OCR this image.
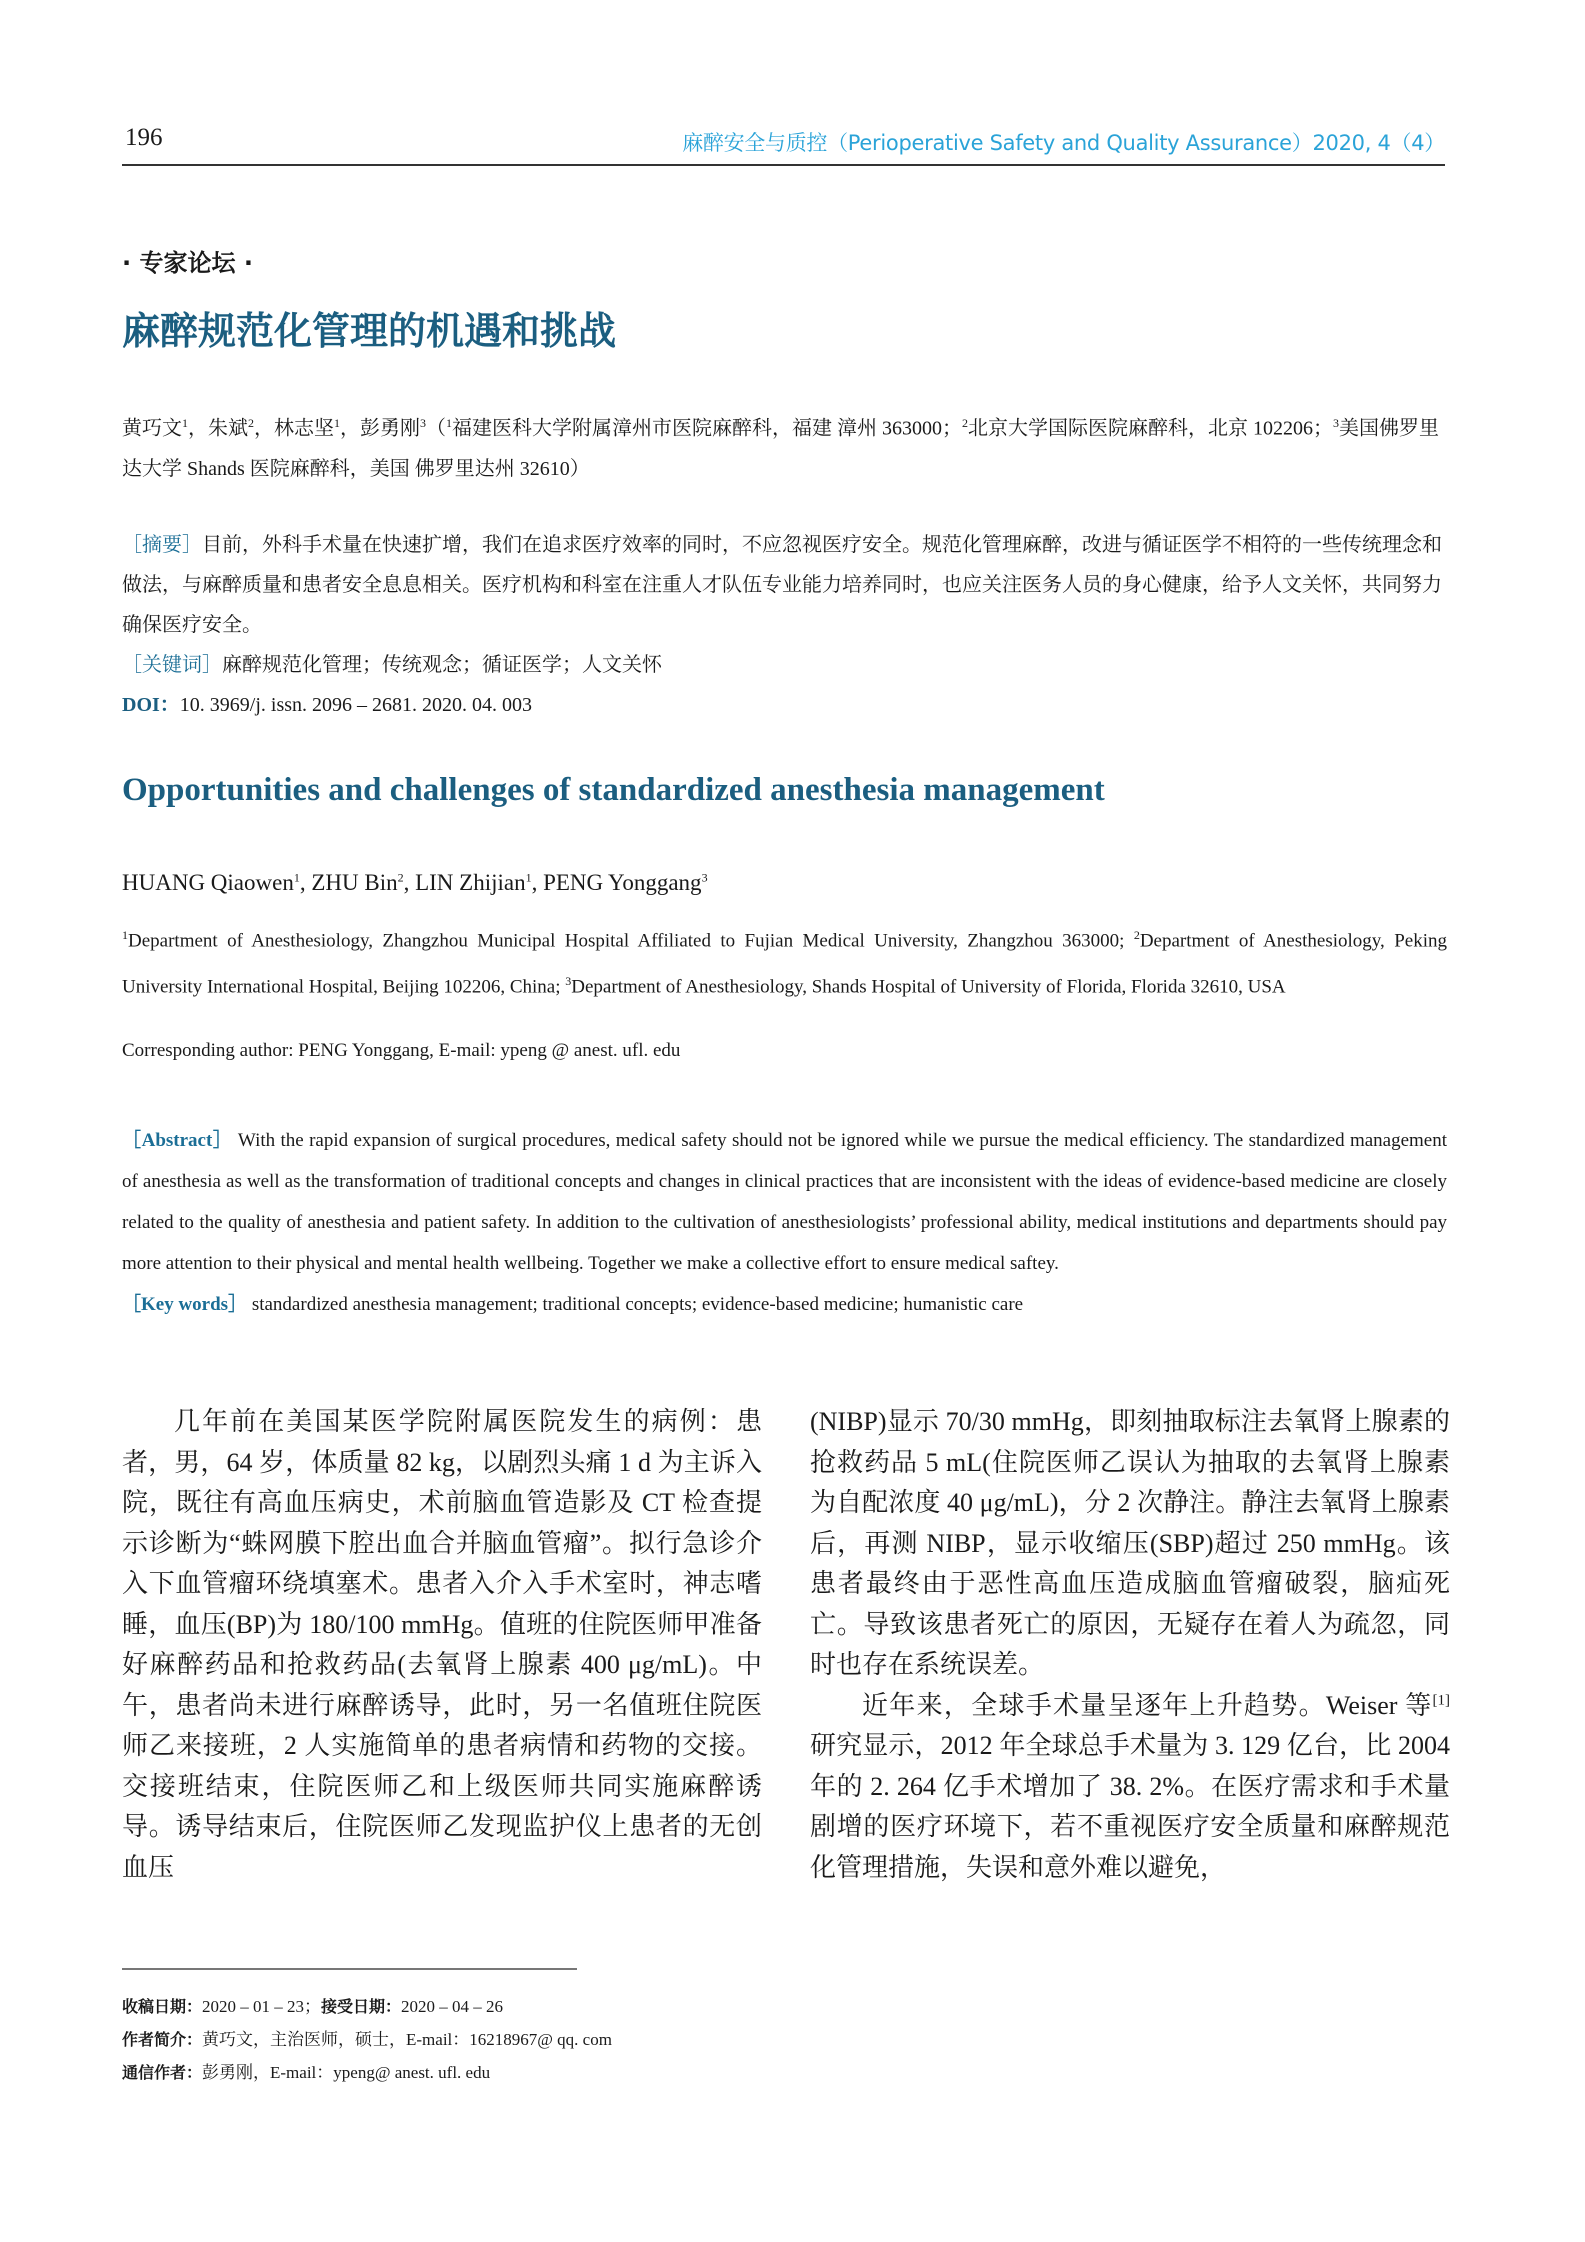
196	麻醉安全与质控（Perioperative Safety and Quality Assurance）2020, 4（4）
· 专家论坛 ·
麻醉规范化管理的机遇和挑战
黄巧文$^1$，朱斌$^2$，林志坚$^1$，彭勇刚$^3$（$^1$福建医科大学附属漳州市医院麻醉科，福建 漳州 363000；$^2$北京大学国际医院麻醉科，北京 102206；$^3$美国佛罗里达大学 Shands 医院麻醉科，美国 佛罗里达州 32610）
［摘要］目前，外科手术量在快速扩增，我们在追求医疗效率的同时，不应忽视医疗安全。规范化管理麻醉，改进与循证医学不相符的一些传统理念和做法，与麻醉质量和患者安全息息相关。医疗机构和科室在注重人才队伍专业能力培养同时，也应关注医务人员的身心健康，给予人文关怀，共同努力确保医疗安全。
［关键词］麻醉规范化管理；传统观念；循证医学；人文关怀
DOI：10. 3969/j. issn. 2096 – 2681. 2020. 04. 003
Opportunities and challenges of standardized anesthesia management
HUANG Qiaowen$^1$, ZHU Bin$^2$, LIN Zhijian$^1$, PENG Yonggang$^3$
$^1$Department of Anesthesiology, Zhangzhou Municipal Hospital Affiliated to Fujian Medical University, Zhangzhou 363000; $^2$Department of Anesthesiology, Peking University International Hospital, Beijing 102206, China; $^3$Department of Anesthesiology, Shands Hospital of University of Florida, Florida 32610, USA
Corresponding author: PENG Yonggang, E-mail: ypeng @ anest. ufl. edu
［Abstract］ With the rapid expansion of surgical procedures, medical safety should not be ignored while we pursue the medical efficiency. The standardized management of anesthesia as well as the transformation of traditional concepts and changes in clinical practices that are inconsistent with the ideas of evidence-based medicine are closely related to the quality of anesthesia and patient safety. In addition to the cultivation of anesthesiologists’ professional ability, medical institutions and departments should pay more attention to their physical and mental health wellbeing. Together we make a collective effort to ensure medical saftey.
［Key words］ standardized anesthesia management; traditional concepts; evidence-based medicine; humanistic care

几年前在美国某医学院附属医院发生的病例：患者，男，64 岁，体质量 82 kg，以剧烈头痛 1 d 为主诉入院，既往有高血压病史，术前脑血管造影及 CT 检查提示诊断为“蛛网膜下腔出血合并脑血管瘤”。拟行急诊介入下血管瘤环绕填塞术。患者入介入手术室时，神志嗜睡，血压(BP)为 180/100 mmHg。值班的住院医师甲准备好麻醉药品和抢救药品(去氧肾上腺素 400 μg/mL)。中午，患者尚未进行麻醉诱导，此时，另一名值班住院医师乙来接班，2 人实施简单的患者病情和药物的交接。交接班结束，住院医师乙和上级医师共同实施麻醉诱导。诱导结束后，住院医师乙发现监护仪上患者的无创血压

(NIBP)显示 70/30 mmHg，即刻抽取标注去氧肾上腺素的抢救药品 5 mL(住院医师乙误认为抽取的去氧肾上腺素为自配浓度 40 μg/mL)，分 2 次静注。静注去氧肾上腺素后，再测 NIBP，显示收缩压(SBP)超过 250 mmHg。该患者最终由于恶性高血压造成脑血管瘤破裂，脑疝死亡。导致该患者死亡的原因，无疑存在着人为疏忽，同时也存在系统误差。

近年来，全球手术量呈逐年上升趋势。Weiser 等[1]研究显示，2012 年全球总手术量为 3. 129 亿台，比 2004 年的 2. 264 亿手术增加了 38. 2%。在医疗需求和手术量剧增的医疗环境下，若不重视医疗安全质量和麻醉规范化管理措施，失误和意外难以避免，

收稿日期：2020 – 01 – 23；接受日期：2020 – 04 – 26
作者简介：黄巧文，主治医师，硕士，E-mail：16218967@ qq. com
通信作者：彭勇刚，E-mail：ypeng@ anest. ufl. edu
